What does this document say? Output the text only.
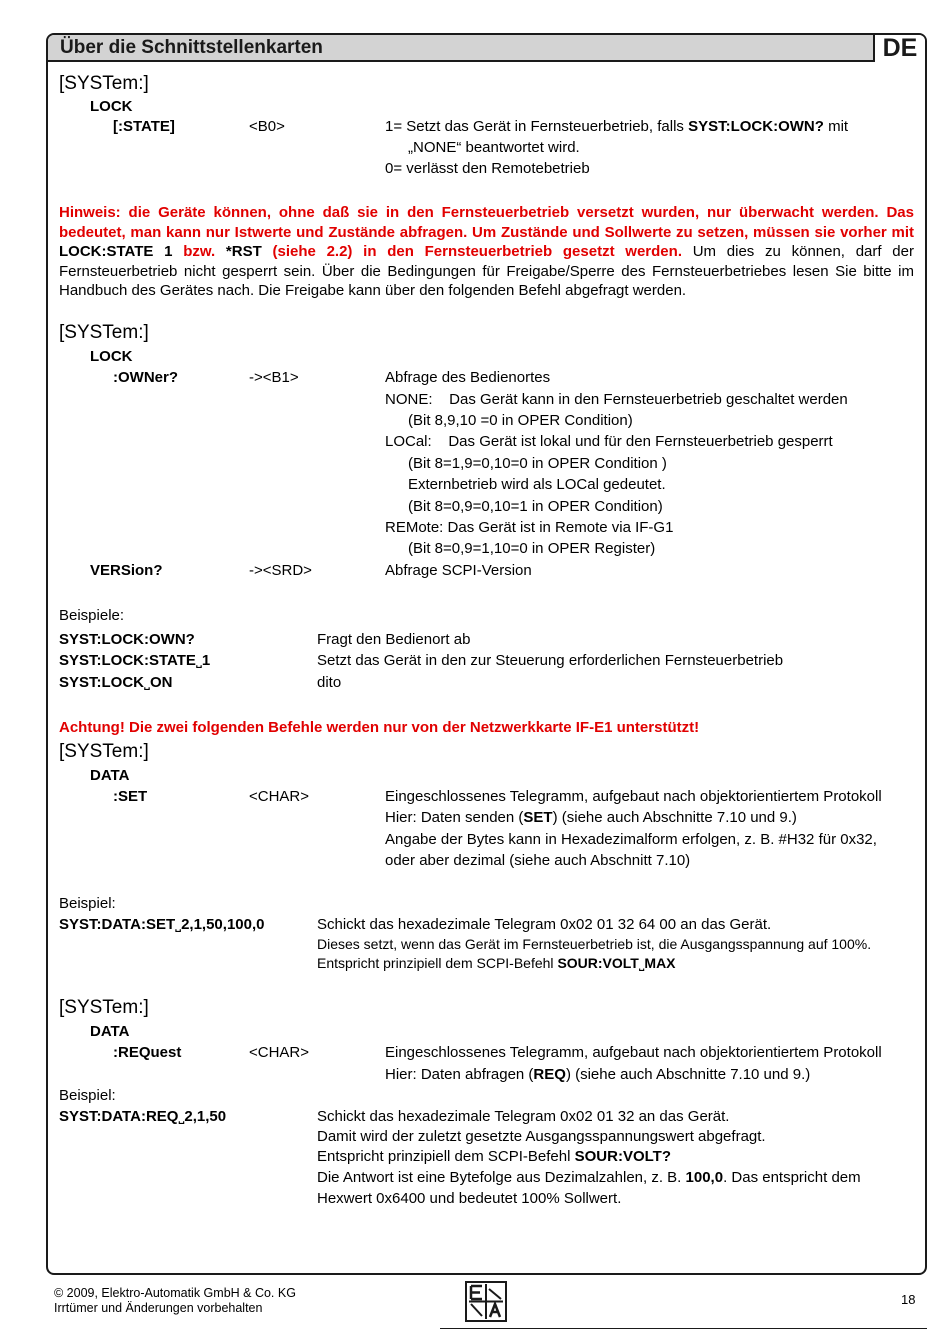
Über die Schnittstellenkarten	DE
[SYSTem:]
LOCK
[:STATE]	<B0>	1= Setzt das Gerät in Fernsteuerbetrieb, falls SYST:LOCK:OWN? mit
„NONE“ beantwortet wird.
0= verlässt den Remotebetrieb
Hinweis: die Geräte können, ohne daß sie in den Fernsteuerbetrieb versetzt wurden, nur überwacht werden. Das bedeutet, man kann nur Istwerte und Zustände abfragen. Um Zustände und Sollwerte zu setzen, müssen sie vorher mit LOCK:STATE 1 bzw. *RST (siehe 2.2) in den Fernsteuerbetrieb gesetzt werden. Um dies zu können, darf der Fernsteuerbetrieb nicht gesperrt sein. Über die Bedingungen für Freigabe/Sperre des Fernsteuerbetriebes lesen Sie bitte im Handbuch des Gerätes nach. Die Freigabe kann über den folgenden Befehl abgefragt werden.
[SYSTem:]
LOCK
:OWNer?	-><B1>	Abfrage des Bedienortes
NONE:    Das Gerät kann in den Fernsteuerbetrieb geschaltet werden
(Bit 8,9,10 =0 in OPER Condition)
LOCal:    Das Gerät ist lokal und für den Fernsteuerbetrieb gesperrt
(Bit 8=1,9=0,10=0 in OPER Condition )
Externbetrieb wird als LOCal gedeutet.
(Bit 8=0,9=0,10=1 in OPER Condition)
REMote: Das Gerät ist in Remote via IF-G1
(Bit 8=0,9=1,10=0 in OPER Register)
VERSion?	-><SRD>	Abfrage SCPI-Version
Beispiele:
SYST:LOCK:OWN?	Fragt den Bedienort ab
SYST:LOCK:STATE˽1	Setzt das Gerät in den zur Steuerung erforderlichen Fernsteuerbetrieb
SYST:LOCK˽ON	dito
Achtung! Die zwei folgenden Befehle werden nur von der Netzwerkkarte IF-E1 unterstützt!
[SYSTem:]
DATA
:SET	<CHAR>	Eingeschlossenes Telegramm, aufgebaut nach objektorientiertem Protokoll
Hier: Daten senden (SET) (siehe auch Abschnitte 7.10 und 9.)
Angabe der Bytes kann in Hexadezimalform erfolgen, z. B. #H32 für 0x32,
oder aber dezimal (siehe auch Abschnitt 7.10)
Beispiel:
SYST:DATA:SET˽2,1,50,100,0	Schickt das hexadezimale Telegram 0x02 01 32 64 00 an das Gerät.
Dieses setzt, wenn das Gerät im Fernsteuerbetrieb ist, die Ausgangsspannung auf 100%.
Entspricht prinzipiell dem SCPI-Befehl SOUR:VOLT˽MAX
[SYSTem:]
DATA
:REQuest	<CHAR>	Eingeschlossenes Telegramm, aufgebaut nach objektorientiertem Protokoll
Hier: Daten abfragen (REQ) (siehe auch Abschnitte 7.10 und 9.)
Beispiel:
SYST:DATA:REQ˽2,1,50	Schickt das hexadezimale Telegram 0x02 01 32 an das Gerät.
Damit wird der zuletzt gesetzte Ausgangsspannungswert abgefragt.
Entspricht prinzipiell dem SCPI-Befehl SOUR:VOLT?
Die Antwort ist eine Bytefolge aus Dezimalzahlen, z. B. 100,0. Das entspricht dem
Hexwert 0x6400 und bedeutet 100% Sollwert.
© 2009, Elektro-Automatik GmbH & Co. KG
Irrtümer und Änderungen vorbehalten
18
